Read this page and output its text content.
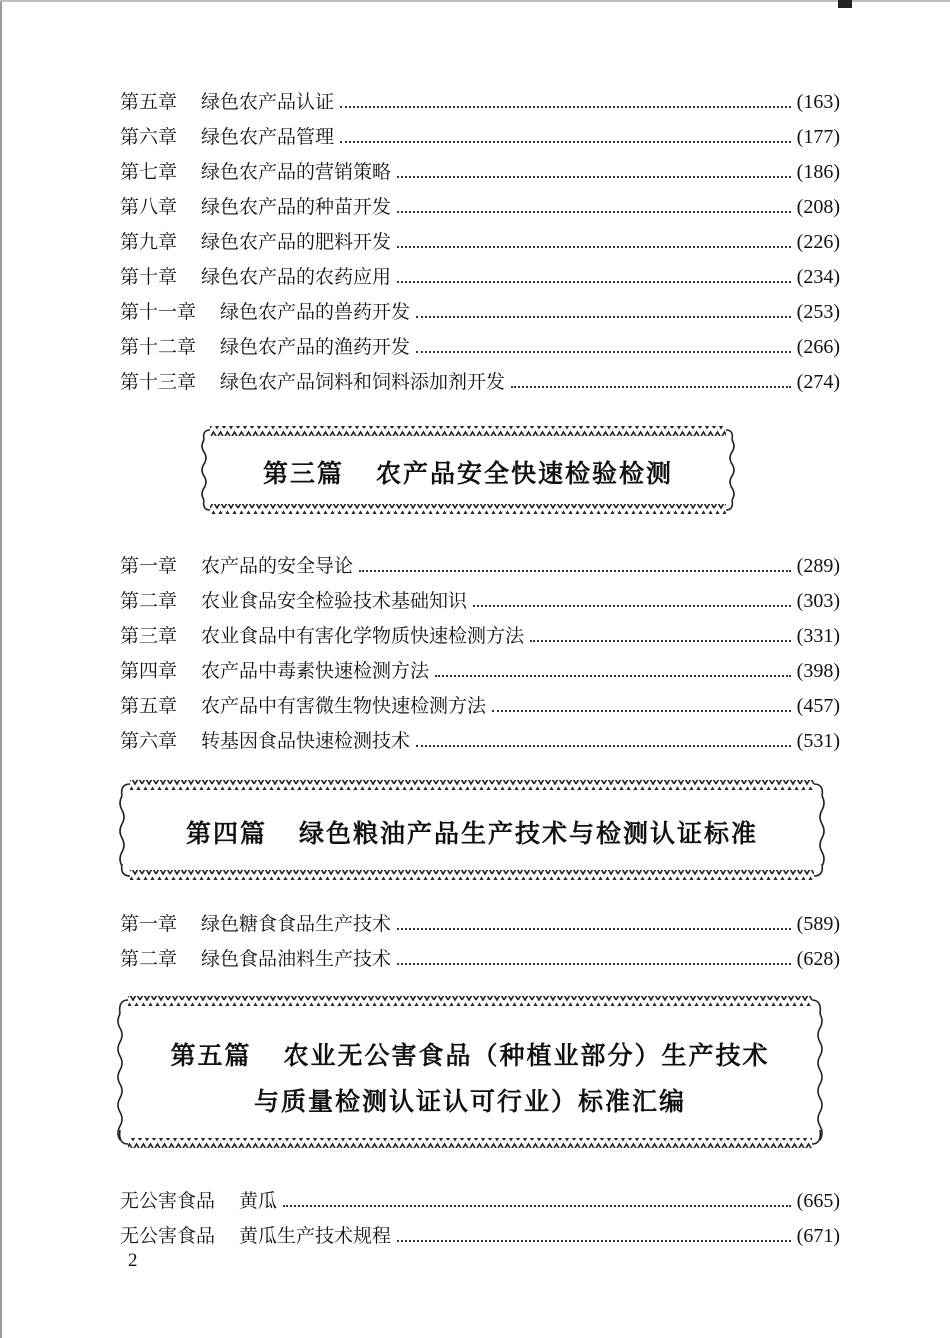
第五章 绿色农产品认证	(163)
第六章 绿色农产品管理	(177)
第七章 绿色农产品的营销策略	(186)
第八章 绿色农产品的种苗开发	(208)
第九章 绿色农产品的肥料开发	(226)
第十章 绿色农产品的农药应用	(234)
第十一章 绿色农产品的兽药开发	(253)
第十二章 绿色农产品的渔药开发	(266)
第十三章 绿色农产品饲料和饲料添加剂开发	(274)
第三篇 农产品安全快速检验检测
第一章 农产品的安全导论	(289)
第二章 农业食品安全检验技术基础知识	(303)
第三章 农业食品中有害化学物质快速检测方法	(331)
第四章 农产品中毒素快速检测方法	(398)
第五章 农产品中有害微生物快速检测方法	(457)
第六章 转基因食品快速检测技术	(531)
第四篇 绿色粮油产品生产技术与检测认证标准
第一章 绿色糖食食品生产技术	(589)
第二章 绿色食品油料生产技术	(628)
第五篇 农业无公害食品（种植业部分）生产技术
与质量检测认证认可行业）标准汇编
无公害食品 黄瓜	(665)
无公害食品 黄瓜生产技术规程	(671)
2
